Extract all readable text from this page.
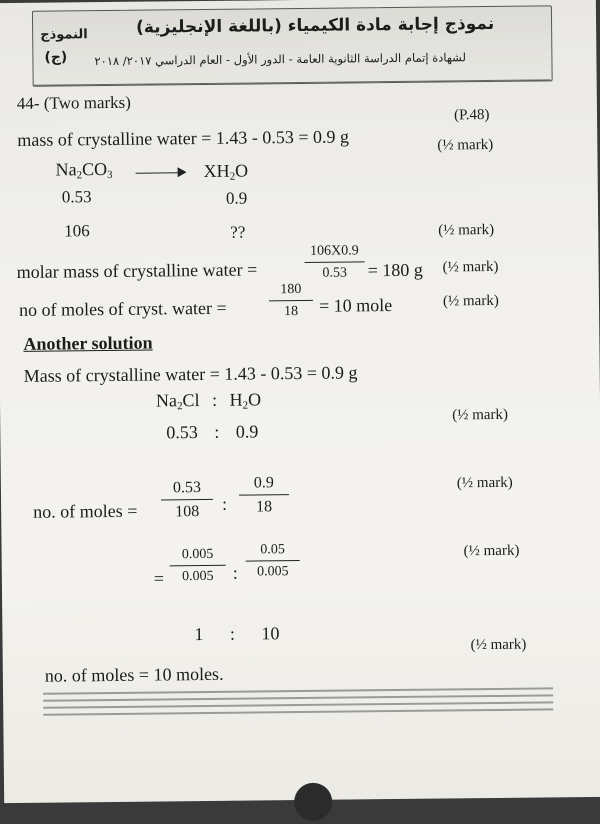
نموذج إجابة مادة الكيمياء (باللغة الإنجليزية)
لشهادة إتمام الدراسة الثانوية العامة - الدور الأول - العام الدراسي ٢٠١٧/ ٢٠١٨
النموذج
(ج)
44- (Two marks)
(P.48)
mass of crystalline water = 1.43 - 0.53 = 0.9 g	(½ mark)
$Na_2CO_3$	$XH_2O$
0.53	0.9
106	??	(½ mark)
molar mass of crystalline water =
106X0.9
0.53	= 180 g (½ mark)
no of moles of cryst. water =
180
18	= 10 mole	(½ mark)
Another solution
Mass of crystalline water = 1.43 - 0.53 = 0.9 g
$Na_2Cl$ : $H_2O$
0.53 : 0.9
(½ mark)
no. of moles =
0.53
108	:
0.9
18
(½ mark)
=
0.005
0.005	:
0.05
0.005
(½ mark)
1 : 10
(½ mark)
no. of moles = 10 moles.
